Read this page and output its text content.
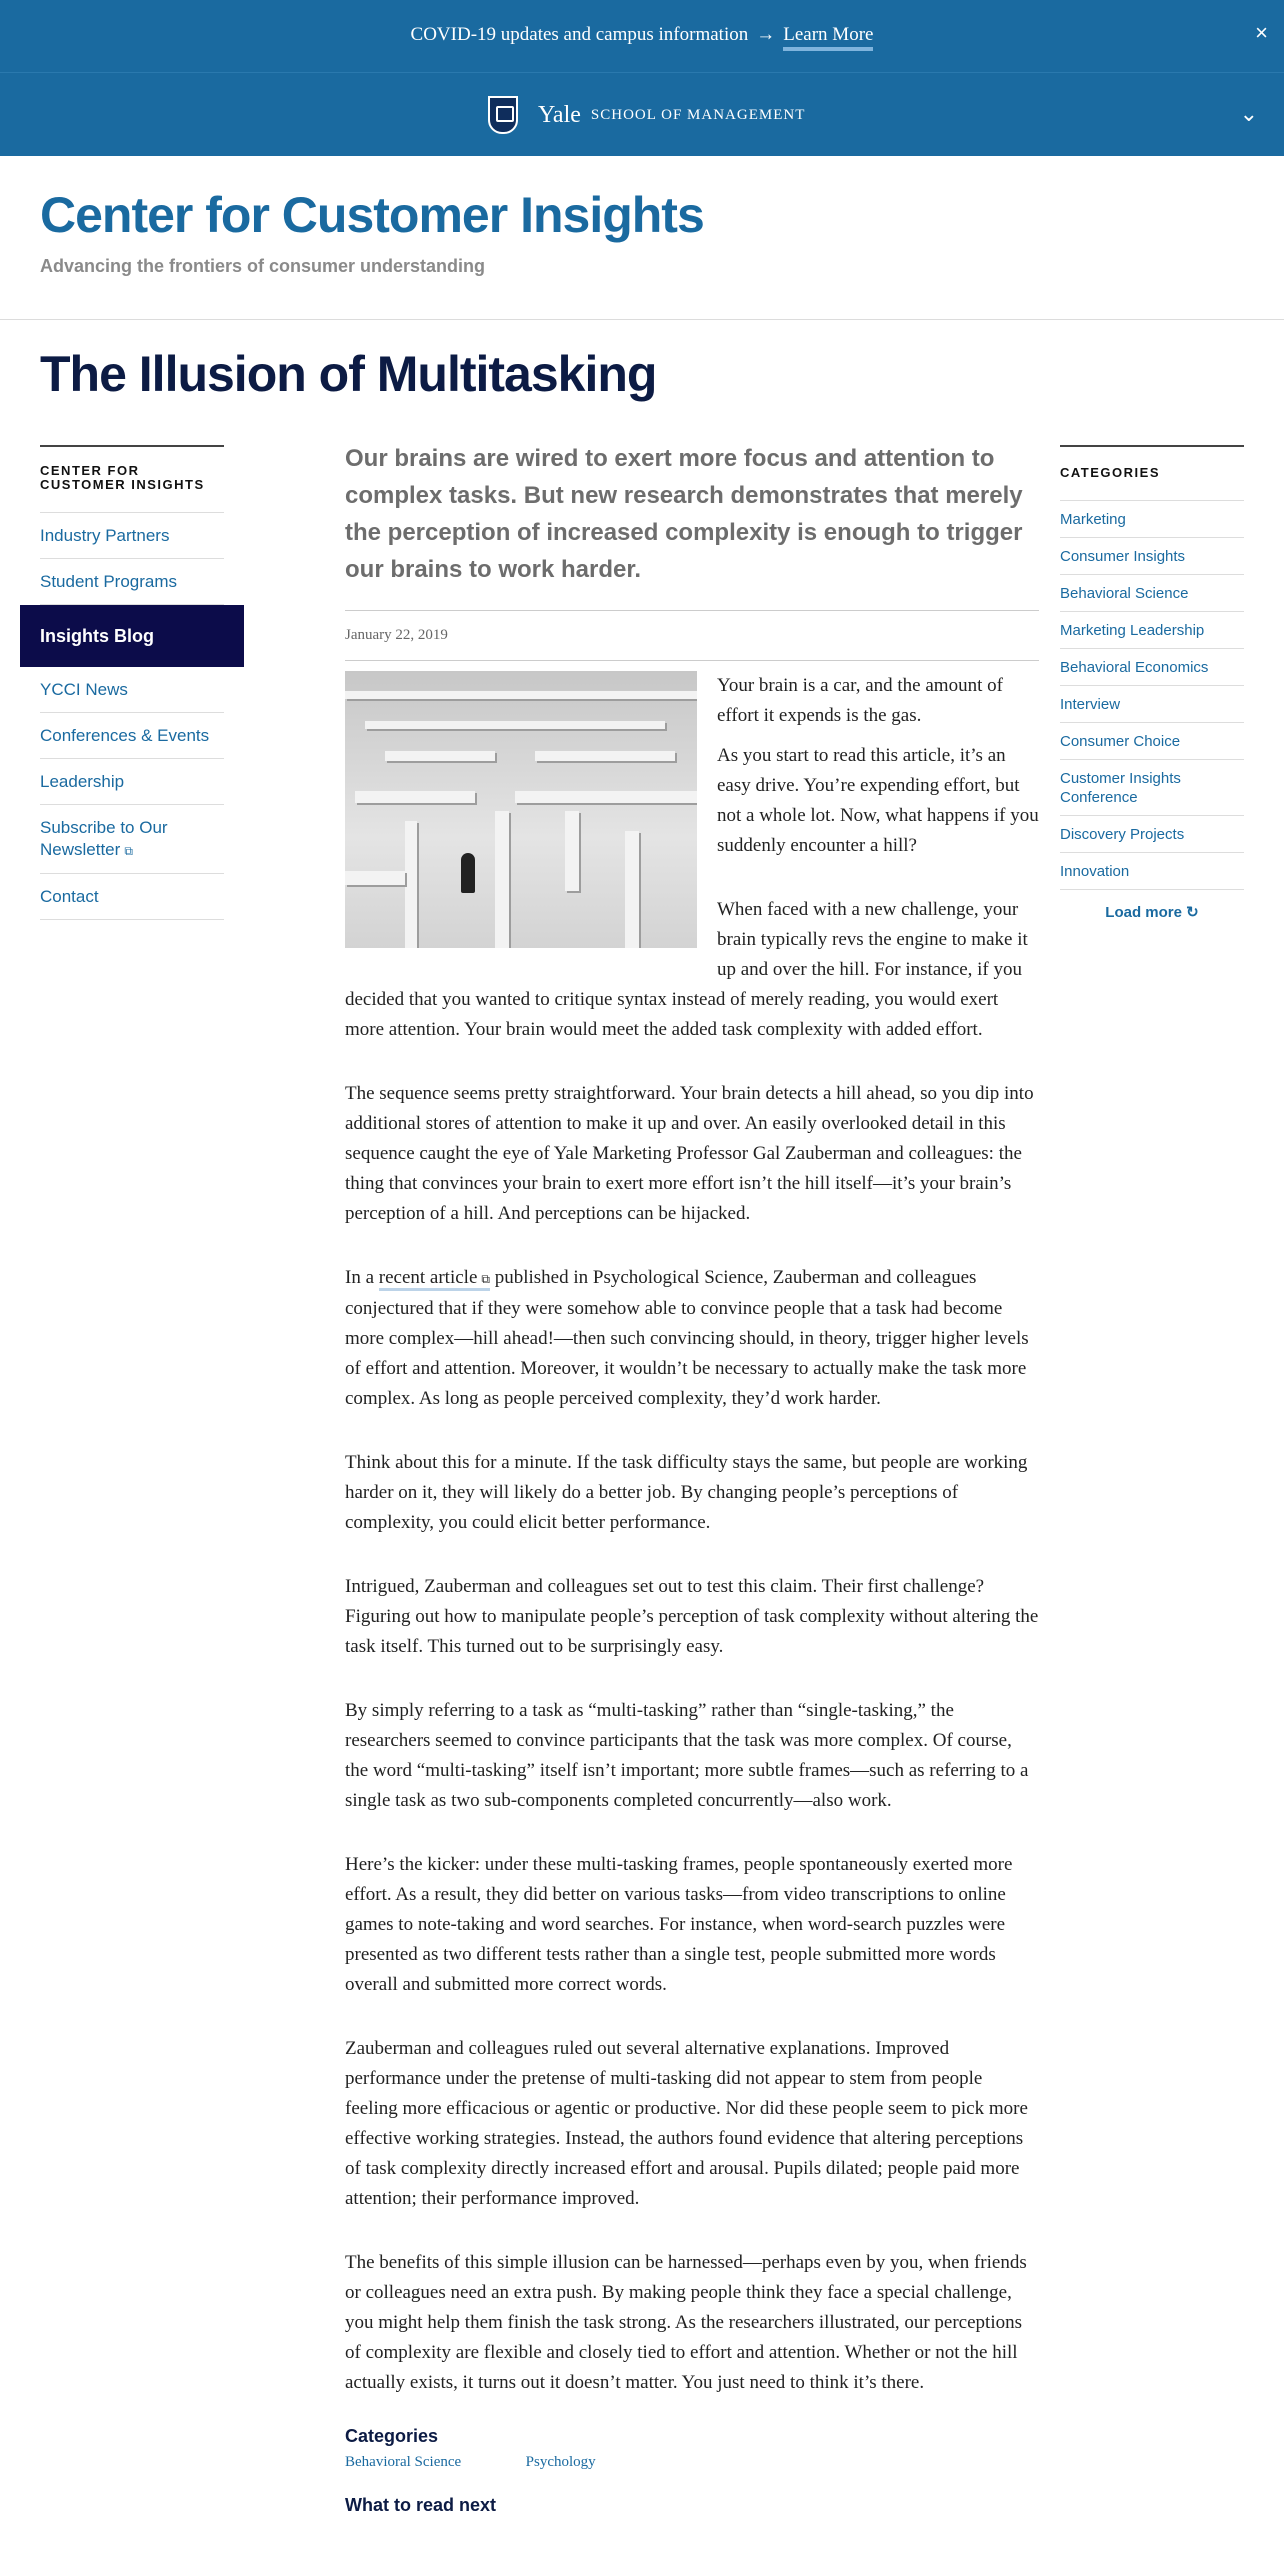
COVID-19 updates and campus information → Learn More	×
Yale SCHOOL OF MANAGEMENT	⌄
Center for Customer Insights
Advancing the frontiers of consumer understanding
The Illusion of Multitasking
CENTER FOR CUSTOMER INSIGHTS
Industry Partners
Student Programs
Insights Blog
YCCI News
Conferences & Events
Leadership
Subscribe to Our Newsletter ⧉
Contact

Our brains are wired to exert more focus and attention to complex tasks. But new research demonstrates that merely the perception of increased complexity is enough to trigger our brains to work harder.

January 22, 2019

Your brain is a car, and the amount of effort it expends is the gas.

As you start to read this article, it’s an easy drive. You’re expending effort, but not a whole lot. Now, what happens if you suddenly encounter a hill?

When faced with a new challenge, your brain typically revs the engine to make it up and over the hill. For instance, if you decided that you wanted to critique syntax instead of merely reading, you would exert more attention. Your brain would meet the added task complexity with added effort.

The sequence seems pretty straightforward. Your brain detects a hill ahead, so you dip into additional stores of attention to make it up and over. An easily overlooked detail in this sequence caught the eye of Yale Marketing Professor Gal Zauberman and colleagues: the thing that convinces your brain to exert more effort isn’t the hill itself—it’s your brain’s perception of a hill. And perceptions can be hijacked.

In a recent article ⧉ published in Psychological Science, Zauberman and colleagues conjectured that if they were somehow able to convince people that a task had become more complex—hill ahead!—then such convincing should, in theory, trigger higher levels of effort and attention. Moreover, it wouldn’t be necessary to actually make the task more complex. As long as people perceived complexity, they’d work harder.

Think about this for a minute. If the task difficulty stays the same, but people are working harder on it, they will likely do a better job. By changing people’s perceptions of complexity, you could elicit better performance.

Intrigued, Zauberman and colleagues set out to test this claim. Their first challenge? Figuring out how to manipulate people’s perception of task complexity without altering the task itself. This turned out to be surprisingly easy.

By simply referring to a task as “multi-tasking” rather than “single-tasking,” the researchers seemed to convince participants that the task was more complex. Of course, the word “multi-tasking” itself isn’t important; more subtle frames—such as referring to a single task as two sub-components completed concurrently—also work.

Here’s the kicker: under these multi-tasking frames, people spontaneously exerted more effort. As a result, they did better on various tasks—from video transcriptions to online games to note-taking and word searches. For instance, when word-search puzzles were presented as two different tests rather than a single test, people submitted more words overall and submitted more correct words.

Zauberman and colleagues ruled out several alternative explanations. Improved performance under the pretense of multi-tasking did not appear to stem from people feeling more efficacious or agentic or productive. Nor did these people seem to pick more effective working strategies. Instead, the authors found evidence that altering perceptions of task complexity directly increased effort and arousal. Pupils dilated; people paid more attention; their performance improved.

The benefits of this simple illusion can be harnessed—perhaps even by you, when friends or colleagues need an extra push. By making people think they face a special challenge, you might help them finish the task strong. As the researchers illustrated, our perceptions of complexity are flexible and closely tied to effort and attention. Whether or not the hill actually exists, it turns out it doesn’t matter. You just need to think it’s there.

Categories
Behavioral Science	Psychology
What to read next
CATEGORIES
Marketing
Consumer Insights
Behavioral Science
Marketing Leadership
Behavioral Economics
Interview
Consumer Choice
Customer Insights Conference
Discovery Projects
Innovation
Load more ↻
